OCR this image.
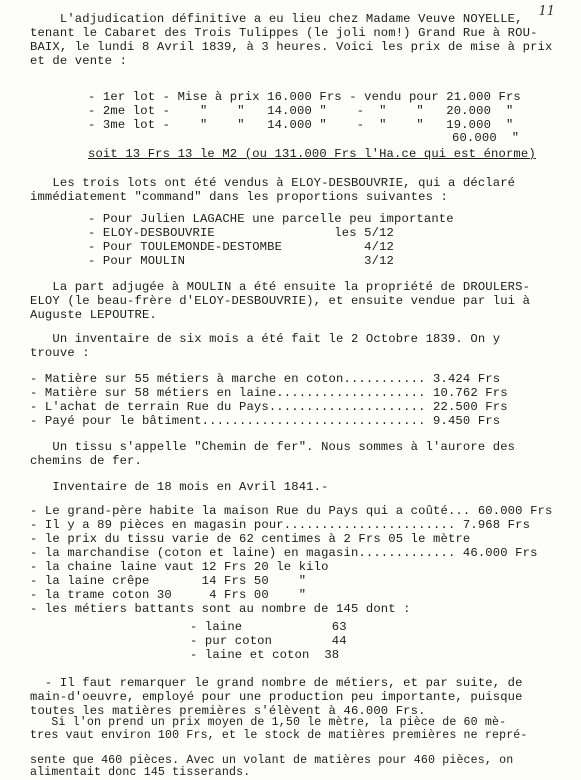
11
L'adjudication définitive a eu lieu chez Madame Veuve NOYELLE,
tenant le Cabaret des Trois Tulippes (le joli nom!) Grand Rue à ROU-
BAIX, le lundi 8 Avril 1839, à 3 heures. Voici les prix de mise à prix
et de vente :
- 1er lot - Mise à prix 16.000 Frs - vendu pour 21.000 Frs
- 2me lot -    "    "   14.000 "    -  "    "   20.000  "
- 3me lot -    "    "   14.000 "    -  "    "   19.000  "
60.000  "
soit 13 Frs 13 le M2 (ou 131.000 Frs l'Ha.ce qui est énorme)
Les trois lots ont été vendus à ELOY-DESBOUVRIE, qui a déclaré
immédiatement "command" dans les proportions suivantes :
- Pour Julien LAGACHE une parcelle peu importante
- ELOY-DESBOUVRIE                les 5/12
- Pour TOULEMONDE-DESTOMBE           4/12
- Pour MOULIN                        3/12
La part adjugée à MOULIN a été ensuite la propriété de DROULERS-
ELOY (le beau-frère d'ELOY-DESBOUVRIE), et ensuite vendue par lui à
Auguste LEPOUTRE.
Un inventaire de six mois a été fait le 2 Octobre 1839. On y
trouve :
- Matière sur 55 métiers à marche en coton........... 3.424 Frs
- Matière sur 58 métiers en laine.................... 10.762 Frs
- L'achat de terrain Rue du Pays..................... 22.500 Frs
- Payé pour le bâtiment.............................. 9.450 Frs
Un tissu s'appelle "Chemin de fer". Nous sommes à l'aurore des
chemins de fer.
Inventaire de 18 mois en Avril 1841.-
- Le grand-père habite la maison Rue du Pays qui a coûté... 60.000 Frs
- Il y a 89 pièces en magasin pour....................... 7.968 Frs
- le prix du tissu varie de 62 centimes à 2 Frs 05 le mètre
- la marchandise (coton et laine) en magasin............. 46.000 Frs
- la chaine laine vaut 12 Frs 20 le kilo
- la laine crêpe       14 Frs 50    "
- la trame coton 30     4 Frs 00    "
- les métiers battants sont au nombre de 145 dont :
- laine            63
- pur coton        44
- laine et coton  38
- Il faut remarquer le grand nombre de métiers, et par suite, de
main-d'oeuvre, employé pour une production peu importante, puisque
toutes les matières premières s'élèvent à 46.000 Frs.
Si l'on prend un prix moyen de 1,50 le mètre, la pièce de 60 mè-
tres vaut environ 100 Frs, et le stock de matières premières ne repré-
sente que 460 pièces. Avec un volant de matières pour 460 pièces, on
alimentait donc 145 tisserands.
